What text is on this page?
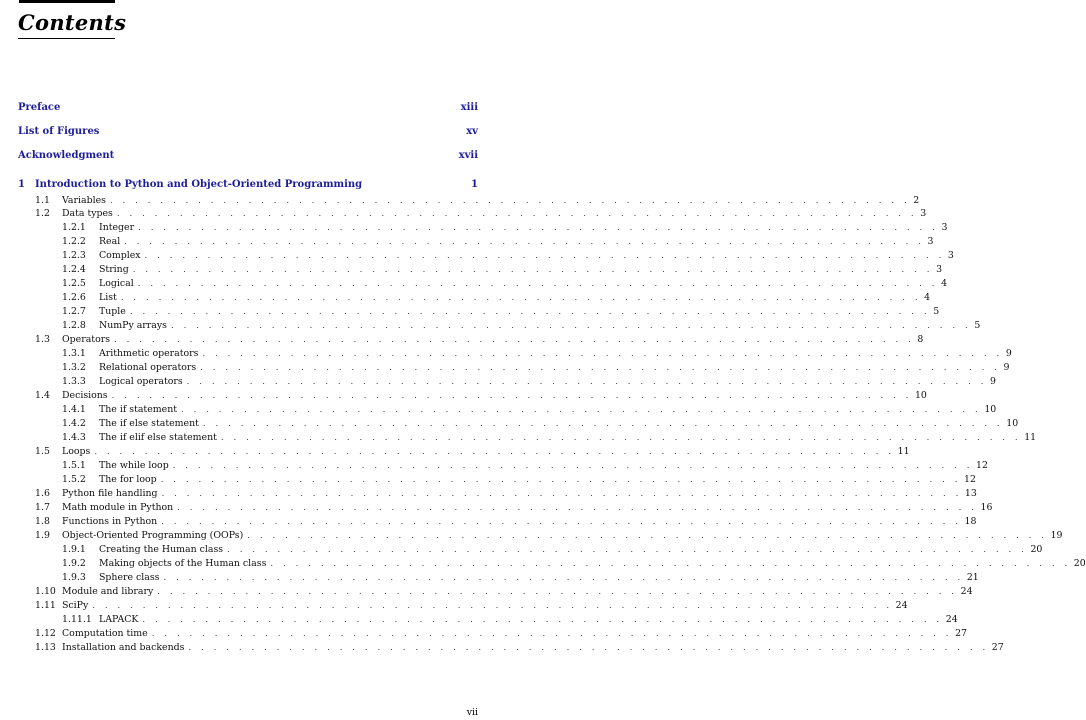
Contents
Preface	xiii
List of Figures	xv
Acknowledgment	xvii
1	Introduction to Python and Object-Oriented Programming	1
1.1	Variables . . . . . . . . . . . . . . . . . . . . . . . . . . . . . . . . . . . . . . . . . . . . . . . . . . . . . . . . . . . . . . . . 2
1.2	Data types . . . . . . . . . . . . . . . . . . . . . . . . . . . . . . . . . . . . . . . . . . . . . . . . . . . . . . . . . . . . . . . . 3
1.2.1	Integer . . . . . . . . . . . . . . . . . . . . . . . . . . . . . . . . . . . . . . . . . . . . . . . . . . . . . . . . . . . . . . . . 3
1.2.2	Real . . . . . . . . . . . . . . . . . . . . . . . . . . . . . . . . . . . . . . . . . . . . . . . . . . . . . . . . . . . . . . . . 3
1.2.3	Complex . . . . . . . . . . . . . . . . . . . . . . . . . . . . . . . . . . . . . . . . . . . . . . . . . . . . . . . . . . . . . . . . 3
1.2.4	String . . . . . . . . . . . . . . . . . . . . . . . . . . . . . . . . . . . . . . . . . . . . . . . . . . . . . . . . . . . . . . . . 3
1.2.5	Logical . . . . . . . . . . . . . . . . . . . . . . . . . . . . . . . . . . . . . . . . . . . . . . . . . . . . . . . . . . . . . . . . 4
1.2.6	List . . . . . . . . . . . . . . . . . . . . . . . . . . . . . . . . . . . . . . . . . . . . . . . . . . . . . . . . . . . . . . . . 4
1.2.7	Tuple . . . . . . . . . . . . . . . . . . . . . . . . . . . . . . . . . . . . . . . . . . . . . . . . . . . . . . . . . . . . . . . . 5
1.2.8	NumPy arrays . . . . . . . . . . . . . . . . . . . . . . . . . . . . . . . . . . . . . . . . . . . . . . . . . . . . . . . . . . . . . . . . 5
1.3	Operators . . . . . . . . . . . . . . . . . . . . . . . . . . . . . . . . . . . . . . . . . . . . . . . . . . . . . . . . . . . . . . . . 8
1.3.1	Arithmetic operators . . . . . . . . . . . . . . . . . . . . . . . . . . . . . . . . . . . . . . . . . . . . . . . . . . . . . . . . . . . . . . . . 9
1.3.2	Relational operators . . . . . . . . . . . . . . . . . . . . . . . . . . . . . . . . . . . . . . . . . . . . . . . . . . . . . . . . . . . . . . . . 9
1.3.3	Logical operators . . . . . . . . . . . . . . . . . . . . . . . . . . . . . . . . . . . . . . . . . . . . . . . . . . . . . . . . . . . . . . . . 9
1.4	Decisions . . . . . . . . . . . . . . . . . . . . . . . . . . . . . . . . . . . . . . . . . . . . . . . . . . . . . . . . . . . . . . . . 10
1.4.1	The if statement . . . . . . . . . . . . . . . . . . . . . . . . . . . . . . . . . . . . . . . . . . . . . . . . . . . . . . . . . . . . . . . . 10
1.4.2	The if else statement . . . . . . . . . . . . . . . . . . . . . . . . . . . . . . . . . . . . . . . . . . . . . . . . . . . . . . . . . . . . . . . . 10
1.4.3	The if elif else statement . . . . . . . . . . . . . . . . . . . . . . . . . . . . . . . . . . . . . . . . . . . . . . . . . . . . . . . . . . . . . . . . 11
1.5	Loops . . . . . . . . . . . . . . . . . . . . . . . . . . . . . . . . . . . . . . . . . . . . . . . . . . . . . . . . . . . . . . . . 11
1.5.1	The while loop . . . . . . . . . . . . . . . . . . . . . . . . . . . . . . . . . . . . . . . . . . . . . . . . . . . . . . . . . . . . . . . . 12
1.5.2	The for loop . . . . . . . . . . . . . . . . . . . . . . . . . . . . . . . . . . . . . . . . . . . . . . . . . . . . . . . . . . . . . . . . 12
1.6	Python file handling . . . . . . . . . . . . . . . . . . . . . . . . . . . . . . . . . . . . . . . . . . . . . . . . . . . . . . . . . . . . . . . . 13
1.7	Math module in Python . . . . . . . . . . . . . . . . . . . . . . . . . . . . . . . . . . . . . . . . . . . . . . . . . . . . . . . . . . . . . . . . 16
1.8	Functions in Python . . . . . . . . . . . . . . . . . . . . . . . . . . . . . . . . . . . . . . . . . . . . . . . . . . . . . . . . . . . . . . . . 18
1.9	Object-Oriented Programming (OOPs) . . . . . . . . . . . . . . . . . . . . . . . . . . . . . . . . . . . . . . . . . . . . . . . . . . . . . . . . . . . . . . . . 19
1.9.1	Creating the Human class . . . . . . . . . . . . . . . . . . . . . . . . . . . . . . . . . . . . . . . . . . . . . . . . . . . . . . . . . . . . . . . . 20
1.9.2	Making objects of the Human class . . . . . . . . . . . . . . . . . . . . . . . . . . . . . . . . . . . . . . . . . . . . . . . . . . . . . . . . . . . . . . . . 20
1.9.3	Sphere class . . . . . . . . . . . . . . . . . . . . . . . . . . . . . . . . . . . . . . . . . . . . . . . . . . . . . . . . . . . . . . . . 21
1.10 Module and library . . . . . . . . . . . . . . . . . . . . . . . . . . . . . . . . . . . . . . . . . . . . . . . . . . . . . . . . . . . . . . . . 24
1.11 SciPy . . . . . . . . . . . . . . . . . . . . . . . . . . . . . . . . . . . . . . . . . . . . . . . . . . . . . . . . . . . . . . . . 24
1.11.1 LAPACK . . . . . . . . . . . . . . . . . . . . . . . . . . . . . . . . . . . . . . . . . . . . . . . . . . . . . . . . . . . . . . . . 24
1.12 Computation time . . . . . . . . . . . . . . . . . . . . . . . . . . . . . . . . . . . . . . . . . . . . . . . . . . . . . . . . . . . . . . . . 27
1.13 Installation and backends . . . . . . . . . . . . . . . . . . . . . . . . . . . . . . . . . . . . . . . . . . . . . . . . . . . . . . . . . . . . . . . . 27
vii
